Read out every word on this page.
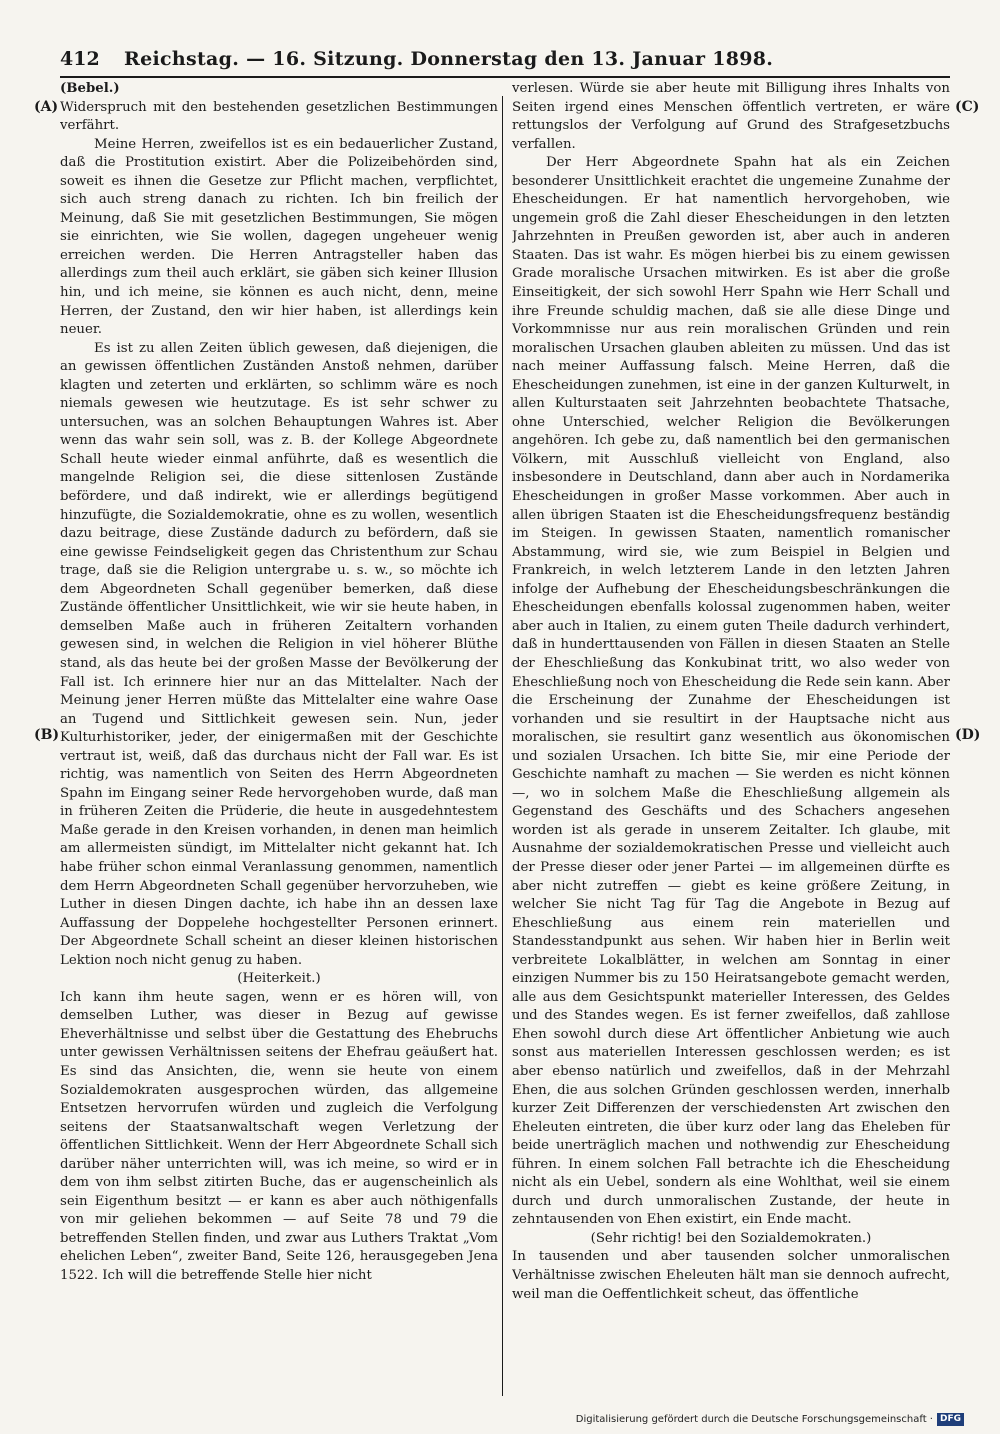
412	Reichstag. — 16. Sitzung. Donnerstag den 13. Januar 1898.
(A)
(B)
(C)
(D)

(Bebel.)

Widerspruch mit den bestehenden gesetzlichen Bestimmungen verfährt.

Meine Herren, zweifellos ist es ein bedauerlicher Zustand, daß die Prostitution existirt. Aber die Polizeibehörden sind, soweit es ihnen die Gesetze zur Pflicht machen, verpflichtet, sich auch streng danach zu richten. Ich bin freilich der Meinung, daß Sie mit gesetzlichen Bestimmungen, Sie mögen sie einrichten, wie Sie wollen, dagegen ungeheuer wenig erreichen werden. Die Herren Antragsteller haben das allerdings zum theil auch erklärt, sie gäben sich keiner Illusion hin, und ich meine, sie können es auch nicht, denn, meine Herren, der Zustand, den wir hier haben, ist allerdings kein neuer.

Es ist zu allen Zeiten üblich gewesen, daß diejenigen, die an gewissen öffentlichen Zuständen Anstoß nehmen, darüber klagten und zeterten und erklärten, so schlimm wäre es noch niemals gewesen wie heutzutage. Es ist sehr schwer zu untersuchen, was an solchen Behauptungen Wahres ist. Aber wenn das wahr sein soll, was z. B. der Kollege Abgeordnete Schall heute wieder einmal anführte, daß es wesentlich die mangelnde Religion sei, die diese sittenlosen Zustände befördere, und daß indirekt, wie er allerdings begütigend hinzufügte, die Sozialdemokratie, ohne es zu wollen, wesentlich dazu beitrage, diese Zustände dadurch zu befördern, daß sie eine gewisse Feindseligkeit gegen das Christenthum zur Schau trage, daß sie die Religion untergrabe u. s. w., so möchte ich dem Abgeordneten Schall gegenüber bemerken, daß diese Zustände öffentlicher Unsittlichkeit, wie wir sie heute haben, in demselben Maße auch in früheren Zeitaltern vorhanden gewesen sind, in welchen die Religion in viel höherer Blüthe stand, als das heute bei der großen Masse der Bevölkerung der Fall ist. Ich erinnere hier nur an das Mittelalter. Nach der Meinung jener Herren müßte das Mittelalter eine wahre Oase an Tugend und Sittlichkeit gewesen sein. Nun, jeder Kulturhistoriker, jeder, der einigermaßen mit der Geschichte vertraut ist, weiß, daß das durchaus nicht der Fall war. Es ist richtig, was namentlich von Seiten des Herrn Abgeordneten Spahn im Eingang seiner Rede hervorgehoben wurde, daß man in früheren Zeiten die Prüderie, die heute in ausgedehntestem Maße gerade in den Kreisen vorhanden, in denen man heimlich am allermeisten sündigt, im Mittelalter nicht gekannt hat. Ich habe früher schon einmal Veranlassung genommen, namentlich dem Herrn Abgeordneten Schall gegenüber hervorzuheben, wie Luther in diesen Dingen dachte, ich habe ihn an dessen laxe Auffassung der Doppelehe hochgestellter Personen erinnert. Der Abgeordnete Schall scheint an dieser kleinen historischen Lektion noch nicht genug zu haben.

(Heiterkeit.)

Ich kann ihm heute sagen, wenn er es hören will, von demselben Luther, was dieser in Bezug auf gewisse Eheverhältnisse und selbst über die Gestattung des Ehebruchs unter gewissen Verhältnissen seitens der Ehefrau geäußert hat. Es sind das Ansichten, die, wenn sie heute von einem Sozialdemokraten ausgesprochen würden, das allgemeine Entsetzen hervorrufen würden und zugleich die Verfolgung seitens der Staatsanwaltschaft wegen Verletzung der öffentlichen Sittlichkeit. Wenn der Herr Abgeordnete Schall sich darüber näher unterrichten will, was ich meine, so wird er in dem von ihm selbst zitirten Buche, das er augenscheinlich als sein Eigenthum besitzt — er kann es aber auch nöthigenfalls von mir geliehen bekommen — auf Seite 78 und 79 die betreffenden Stellen finden, und zwar aus Luthers Traktat „Vom ehelichen Leben“, zweiter Band, Seite 126, herausgegeben Jena 1522. Ich will die betreffende Stelle hier nicht

verlesen. Würde sie aber heute mit Billigung ihres Inhalts von Seiten irgend eines Menschen öffentlich vertreten, er wäre rettungslos der Verfolgung auf Grund des Strafgesetzbuchs verfallen.

Der Herr Abgeordnete Spahn hat als ein Zeichen besonderer Unsittlichkeit erachtet die ungemeine Zunahme der Ehescheidungen. Er hat namentlich hervorgehoben, wie ungemein groß die Zahl dieser Ehescheidungen in den letzten Jahrzehnten in Preußen geworden ist, aber auch in anderen Staaten. Das ist wahr. Es mögen hierbei bis zu einem gewissen Grade moralische Ursachen mitwirken. Es ist aber die große Einseitigkeit, der sich sowohl Herr Spahn wie Herr Schall und ihre Freunde schuldig machen, daß sie alle diese Dinge und Vorkommnisse nur aus rein moralischen Gründen und rein moralischen Ursachen glauben ableiten zu müssen. Und das ist nach meiner Auffassung falsch. Meine Herren, daß die Ehescheidungen zunehmen, ist eine in der ganzen Kulturwelt, in allen Kulturstaaten seit Jahrzehnten beobachtete Thatsache, ohne Unterschied, welcher Religion die Bevölkerungen angehören. Ich gebe zu, daß namentlich bei den germanischen Völkern, mit Ausschluß vielleicht von England, also insbesondere in Deutschland, dann aber auch in Nordamerika Ehescheidungen in großer Masse vorkommen. Aber auch in allen übrigen Staaten ist die Ehescheidungsfrequenz beständig im Steigen. In gewissen Staaten, namentlich romanischer Abstammung, wird sie, wie zum Beispiel in Belgien und Frankreich, in welch letzterem Lande in den letzten Jahren infolge der Aufhebung der Ehescheidungsbeschränkungen die Ehescheidungen ebenfalls kolossal zugenommen haben, weiter aber auch in Italien, zu einem guten Theile dadurch verhindert, daß in hunderttausenden von Fällen in diesen Staaten an Stelle der Eheschließung das Konkubinat tritt, wo also weder von Eheschließung noch von Ehescheidung die Rede sein kann. Aber die Erscheinung der Zunahme der Ehescheidungen ist vorhanden und sie resultirt in der Hauptsache nicht aus moralischen, sie resultirt ganz wesentlich aus ökonomischen und sozialen Ursachen. Ich bitte Sie, mir eine Periode der Geschichte namhaft zu machen — Sie werden es nicht können —, wo in solchem Maße die Eheschließung allgemein als Gegenstand des Geschäfts und des Schachers angesehen worden ist als gerade in unserem Zeitalter. Ich glaube, mit Ausnahme der sozialdemokratischen Presse und vielleicht auch der Presse dieser oder jener Partei — im allgemeinen dürfte es aber nicht zutreffen — giebt es keine größere Zeitung, in welcher Sie nicht Tag für Tag die Angebote in Bezug auf Eheschließung aus einem rein materiellen und Standesstandpunkt aus sehen. Wir haben hier in Berlin weit verbreitete Lokalblätter, in welchen am Sonntag in einer einzigen Nummer bis zu 150 Heiratsangebote gemacht werden, alle aus dem Gesichtspunkt materieller Interessen, des Geldes und des Standes wegen. Es ist ferner zweifellos, daß zahllose Ehen sowohl durch diese Art öffentlicher Anbietung wie auch sonst aus materiellen Interessen geschlossen werden; es ist aber ebenso natürlich und zweifellos, daß in der Mehrzahl Ehen, die aus solchen Gründen geschlossen werden, innerhalb kurzer Zeit Differenzen der verschiedensten Art zwischen den Eheleuten eintreten, die über kurz oder lang das Eheleben für beide unerträglich machen und nothwendig zur Ehescheidung führen. In einem solchen Fall betrachte ich die Ehescheidung nicht als ein Uebel, sondern als eine Wohlthat, weil sie einem durch und durch unmoralischen Zustande, der heute in zehntausenden von Ehen existirt, ein Ende macht.

(Sehr richtig! bei den Sozialdemokraten.)

In tausenden und aber tausenden solcher unmoralischen Verhältnisse zwischen Eheleuten hält man sie dennoch aufrecht, weil man die Oeffentlichkeit scheut, das öffentliche

Digitalisierung gefördert durch die Deutsche Forschungsgemeinschaft · DFG
